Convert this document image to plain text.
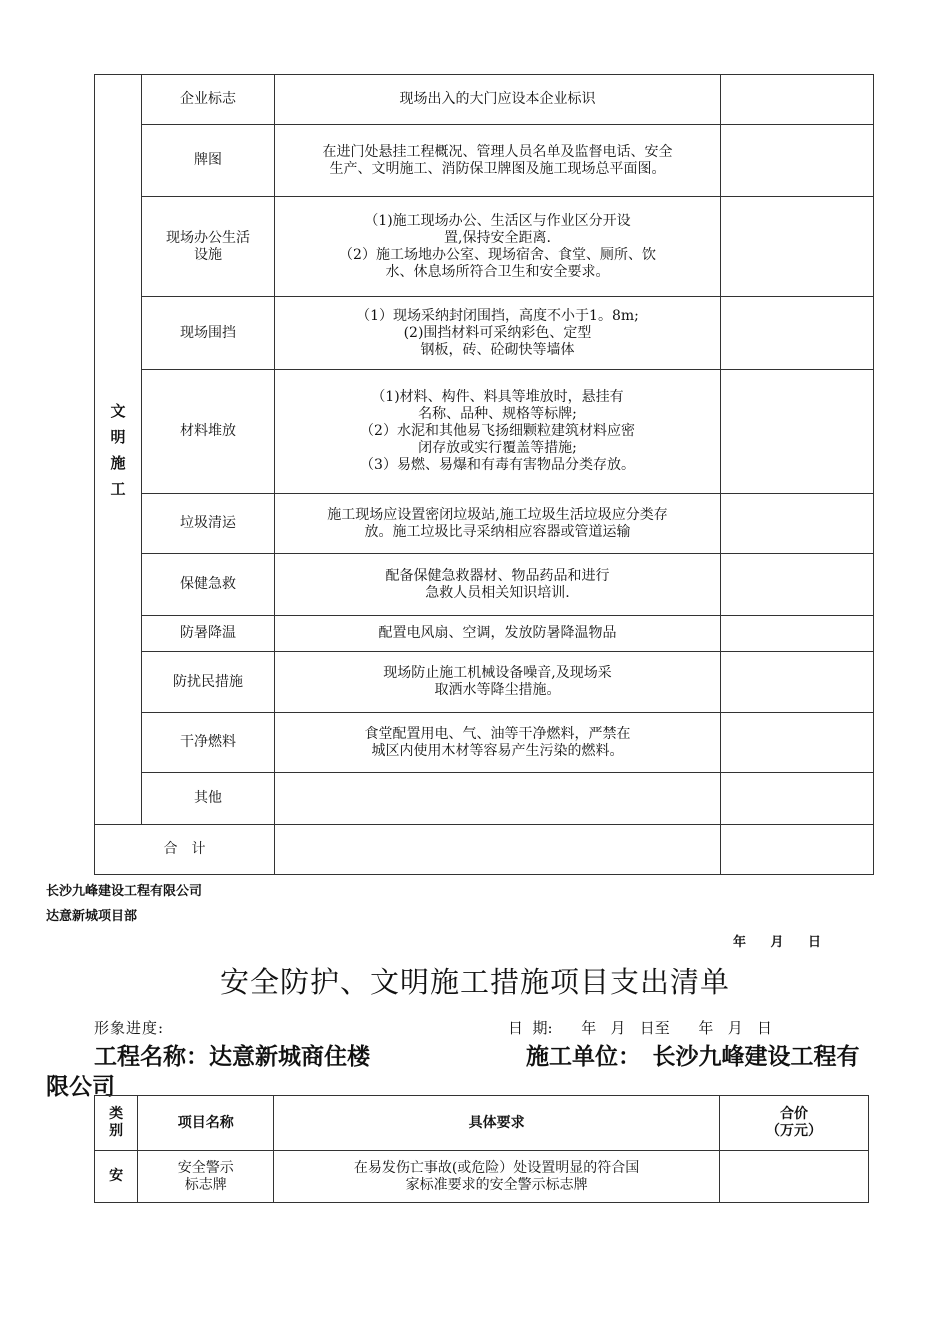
文
明
施
工	企业标志	现场出入的大门应设本企业标识	

	牌图	在进门处悬挂工程概况、管理人员名单及监督电话、安全
生产、文明施工、消防保卫牌图及施工现场总平面图。	

	现场办公生活
设施	（1)施工现场办公、生活区与作业区分开设
置,保持安全距离.
（2）施工场地办公室、现场宿舍、食堂、厕所、饮
水、休息场所符合卫生和安全要求。	

	现场围挡	（1）现场采纳封闭围挡，高度不小于1。8m;
(2)围挡材料可采纳彩色、定型
钢板，砖、砼砌快等墙体	

	材料堆放	（1)材料、构件、料具等堆放时，悬挂有
名称、品种、规格等标牌;
（2）水泥和其他易飞扬细颗粒建筑材料应密
闭存放或实行覆盖等措施;
（3）易燃、易爆和有毒有害物品分类存放。	

	垃圾清运	施工现场应设置密闭垃圾站,施工垃圾生活垃圾应分类存
放。施工垃圾比寻采纳相应容器或管道运输	

	保健急救	配备保健急救器材、物品药品和进行
急救人员相关知识培训.	

	防暑降温	配置电风扇、空调，发放防暑降温物品	

	防扰民措施	现场防止施工机械设备噪音,及现场采
取洒水等降尘措施。	

	干净燃料	食堂配置用电、气、油等干净燃料，严禁在
城区内使用木材等容易产生污染的燃料。	

	其他		
合　计			
长沙九峰建设工程有限公司
达意新城项目部
年 月 日
安全防护、文明施工措施项目支出清单
形象进度:	日  期:      年   月   日至      年   月   日
工程名称：达意新城商住楼	施工单位：　长沙九峰建设工程有
限公司
类
别	项目名称	具体要求	合价
（万元）

安	安全警示
标志牌	在易发伤亡事故(或危险）处设置明显的符合国
家标准要求的安全警示标志牌	
